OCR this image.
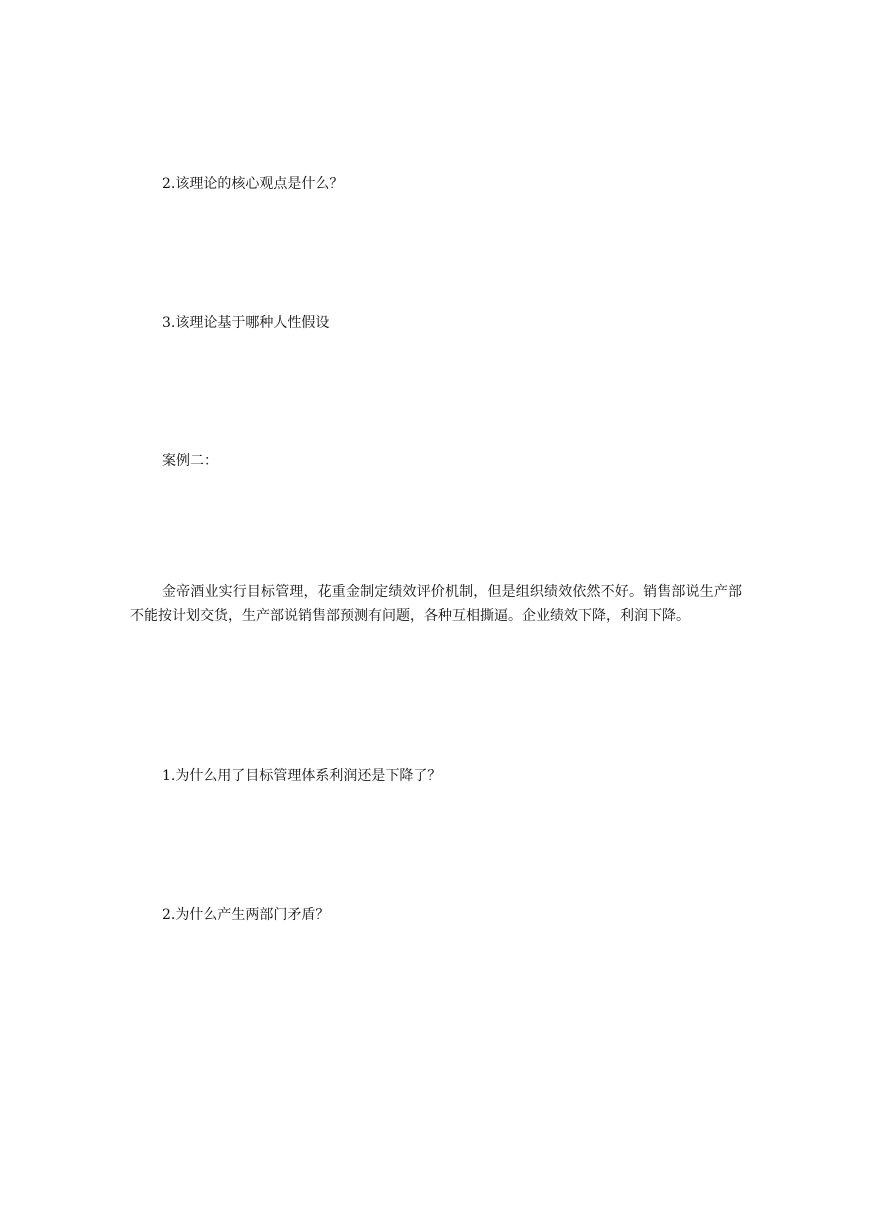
2.该理论的核心观点是什么？
3.该理论基于哪种人性假设
案例二：
金帝酒业实行目标管理，花重金制定绩效评价机制，但是组织绩效依然不好。销售部说生产部不能按计划交货，生产部说销售部预测有问题，各种互相撕逼。企业绩效下降，利润下降。
1.为什么用了目标管理体系利润还是下降了？
2.为什么产生两部门矛盾？
